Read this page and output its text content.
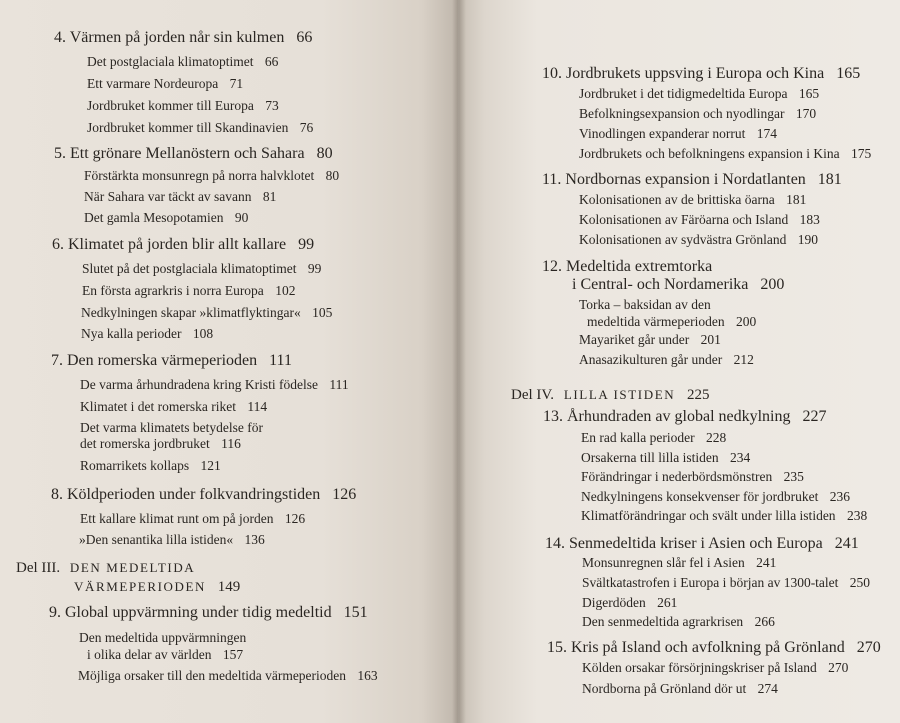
4. Värmen på jorden når sin kulmen 66
Det postglaciala klimatoptimet 66
Ett varmare Nordeuropa 71
Jordbruket kommer till Europa 73
Jordbruket kommer till Skandinavien 76
5. Ett grönare Mellanöstern och Sahara 80
Förstärkta monsunregn på norra halvklotet 80
När Sahara var täckt av savann 81
Det gamla Mesopotamien 90
6. Klimatet på jorden blir allt kallare 99
Slutet på det postglaciala klimatoptimet 99
En första agrarkris i norra Europa 102
Nedkylningen skapar »klimatflyktingar« 105
Nya kalla perioder 108
7. Den romerska värmeperioden 111
De varma århundradena kring Kristi födelse 111
Klimatet i det romerska riket 114
Det varma klimatets betydelse för
det romerska jordbruket 116
Romarrikets kollaps 121
8. Köldperioden under folkvandringstiden 126
Ett kallare klimat runt om på jorden 126
»Den senantika lilla istiden« 136
Del III. DEN MEDELTIDA
VÄRMEPERIODEN 149
9. Global uppvärmning under tidig medeltid 151
Den medeltida uppvärmningen
i olika delar av världen 157
Möjliga orsaker till den medeltida värmeperioden 163
10. Jordbrukets uppsving i Europa och Kina 165
Jordbruket i det tidigmedeltida Europa 165
Befolkningsexpansion och nyodlingar 170
Vinodlingen expanderar norrut 174
Jordbrukets och befolkningens expansion i Kina 175
11. Nordbornas expansion i Nordatlanten 181
Kolonisationen av de brittiska öarna 181
Kolonisationen av Färöarna och Island 183
Kolonisationen av sydvästra Grönland 190
12. Medeltida extremtorka
i Central- och Nordamerika 200
Torka – baksidan av den
medeltida värmeperioden 200
Mayariket går under 201
Anasazikulturen går under 212
Del IV. LILLA ISTIDEN 225
13. Århundraden av global nedkylning 227
En rad kalla perioder 228
Orsakerna till lilla istiden 234
Förändringar i nederbördsmönstren 235
Nedkylningens konsekvenser för jordbruket 236
Klimatförändringar och svält under lilla istiden 238
14. Senmedeltida kriser i Asien och Europa 241
Monsunregnen slår fel i Asien 241
Svältkatastrofen i Europa i början av 1300-talet 250
Digerdöden 261
Den senmedeltida agrarkrisen 266
15. Kris på Island och avfolkning på Grönland 270
Kölden orsakar försörjningskriser på Island 270
Nordborna på Grönland dör ut 274
